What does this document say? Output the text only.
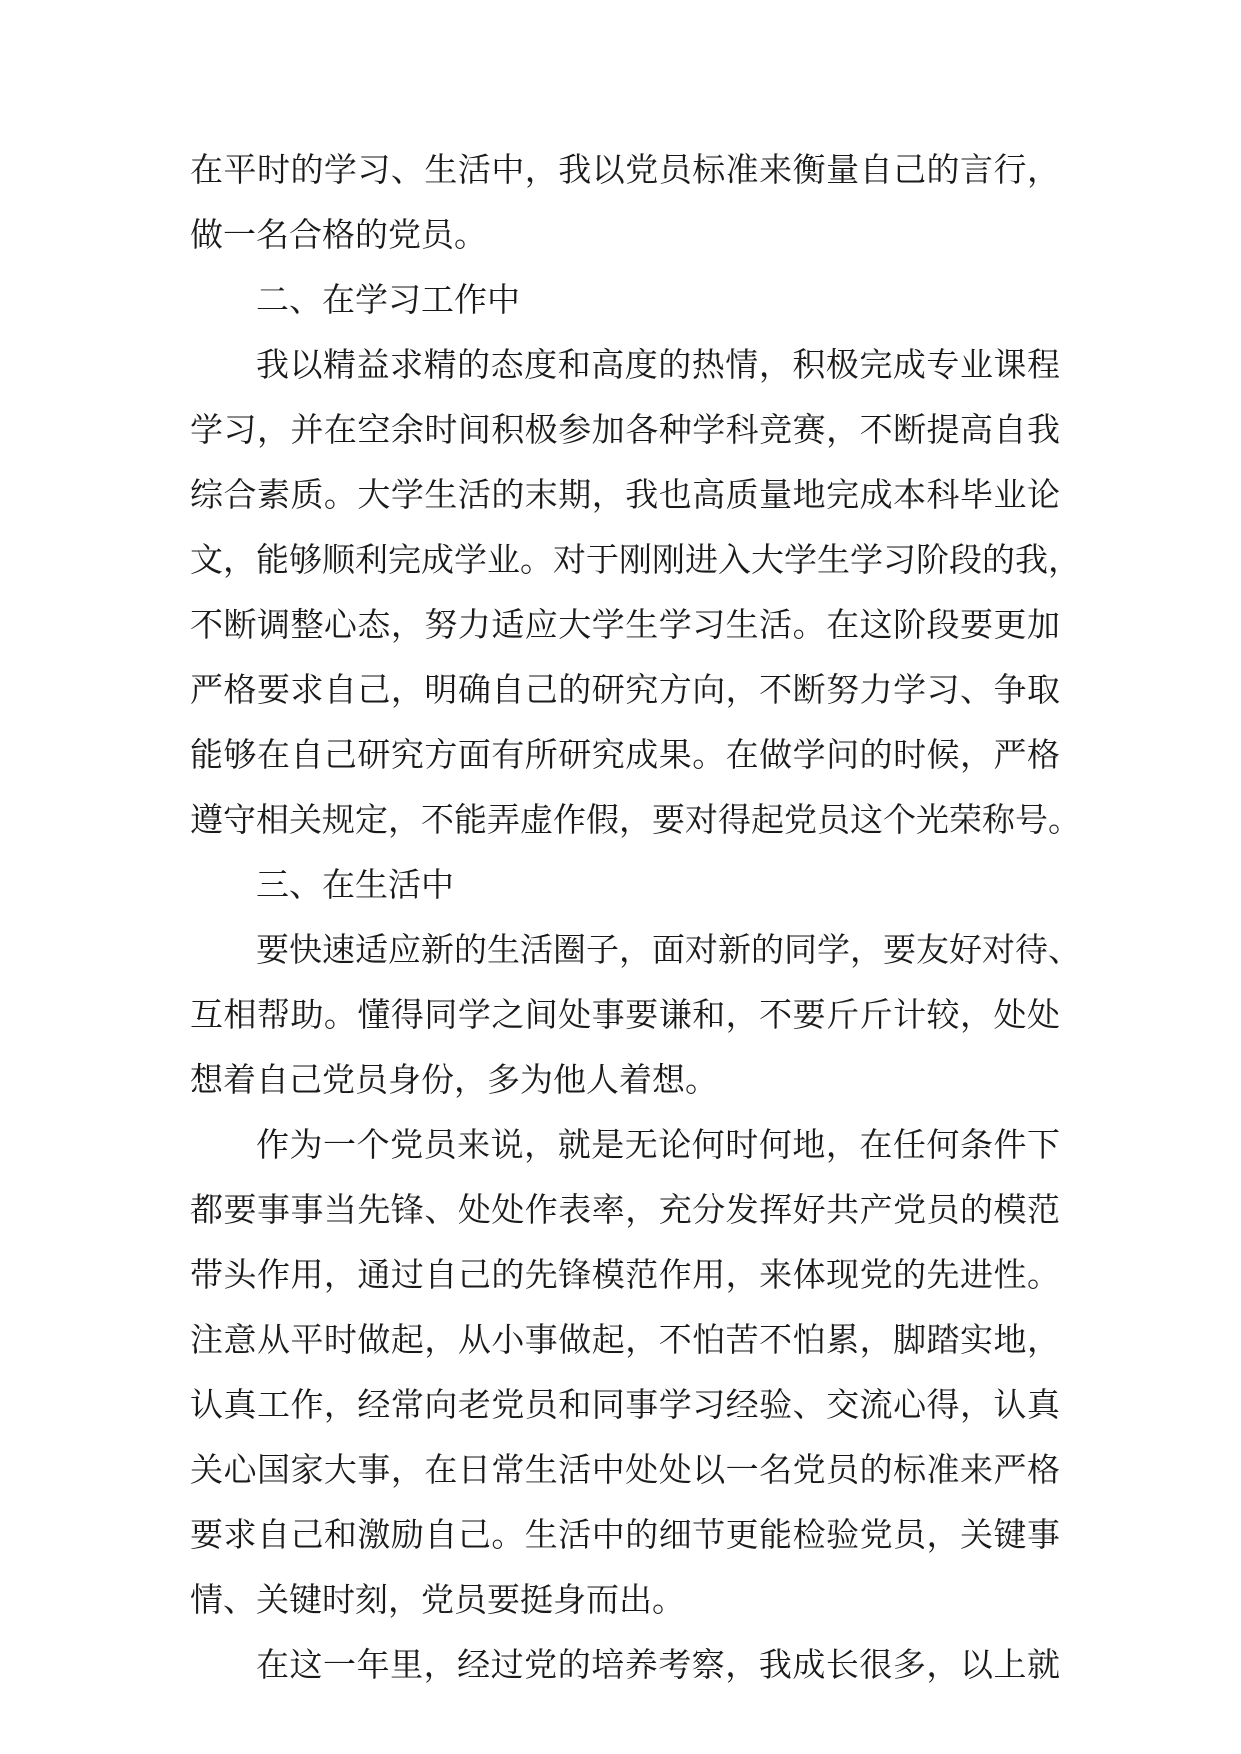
在平时的学习、生活中，我以党员标准来衡量自己的言行，
做一名合格的党员。
二、在学习工作中
我以精益求精的态度和高度的热情，积极完成专业课程
学习，并在空余时间积极参加各种学科竞赛，不断提高自我
综合素质。大学生活的末期，我也高质量地完成本科毕业论
文，能够顺利完成学业。对于刚刚进入大学生学习阶段的我，
不断调整心态，努力适应大学生学习生活。在这阶段要更加
严格要求自己，明确自己的研究方向，不断努力学习、争取
能够在自己研究方面有所研究成果。在做学问的时候，严格
遵守相关规定，不能弄虚作假，要对得起党员这个光荣称号。
三、在生活中
要快速适应新的生活圈子，面对新的同学，要友好对待、
互相帮助。懂得同学之间处事要谦和，不要斤斤计较，处处
想着自己党员身份，多为他人着想。
作为一个党员来说，就是无论何时何地，在任何条件下
都要事事当先锋、处处作表率，充分发挥好共产党员的模范
带头作用，通过自己的先锋模范作用，来体现党的先进性。
注意从平时做起，从小事做起，不怕苦不怕累，脚踏实地，
认真工作，经常向老党员和同事学习经验、交流心得，认真
关心国家大事，在日常生活中处处以一名党员的标准来严格
要求自己和激励自己。生活中的细节更能检验党员，关键事
情、关键时刻，党员要挺身而出。
在这一年里，经过党的培养考察，我成长很多，以上就
